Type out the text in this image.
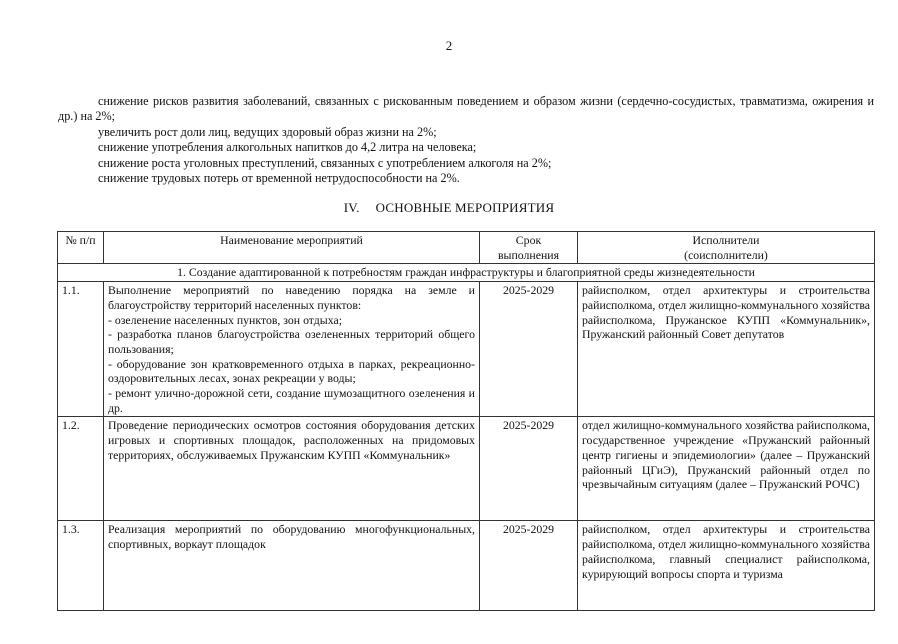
2

снижение рисков развития заболеваний, связанных с рискованным поведением и образом жизни (сердечно-сосудистых, травматизма, ожирения и др.) на 2%;

увеличить рост доли лиц, ведущих здоровый образ жизни на 2%;

снижение употребления алкогольных напитков до 4,2 литра на человека;

снижение роста уголовных преступлений, связанных с употреблением алкоголя на 2%;

снижение трудовых потерь от временной нетрудоспособности на 2%.

IV. ОСНОВНЫЕ МЕРОПРИЯТИЯ
№ п/п	Наименование мероприятий	Срок выполнения	Исполнители
(соисполнители)

1. Создание адаптированной к потребностям граждан инфраструктуры и благоприятной среды жизнедеятельности			
1.1.	Выполнение мероприятий по наведению порядка на земле и благоустройству территорий населенных пунктов:
- озеленение населенных пунктов, зон отдыха;
- разработка планов благоустройства озелененных территорий общего пользования;
- оборудование зон кратковременного отдыха в парках, рекреационно-оздоровительных лесах, зонах рекреации у воды;
- ремонт улично-дорожной сети, создание шумозащитного озеленения и др.	2025-2029	райисполком, отдел архитектуры и строительства райисполкома, отдел жилищно-коммунального хозяйства райисполкома, Пружанское КУПП «Коммунальник», Пружанский районный Совет депутатов
1.2.	Проведение периодических осмотров состояния оборудования детских игровых и спортивных площадок, расположенных на придомовых территориях, обслуживаемых Пружанским КУПП «Коммунальник»	2025-2029	отдел жилищно-коммунального хозяйства райисполкома, государственное учреждение «Пружанский районный центр гигиены и эпидемиологии» (далее – Пружанский районный ЦГиЭ), Пружанский районный отдел по чрезвычайным ситуациям (далее – Пружанский РОЧС)
1.3.	Реализация мероприятий по оборудованию многофункциональных, спортивных, воркаут площадок	2025-2029	райисполком, отдел архитектуры и строительства райисполкома, отдел жилищно-коммунального хозяйства райисполкома, главный специалист райисполкома, курирующий вопросы спорта и туризма
